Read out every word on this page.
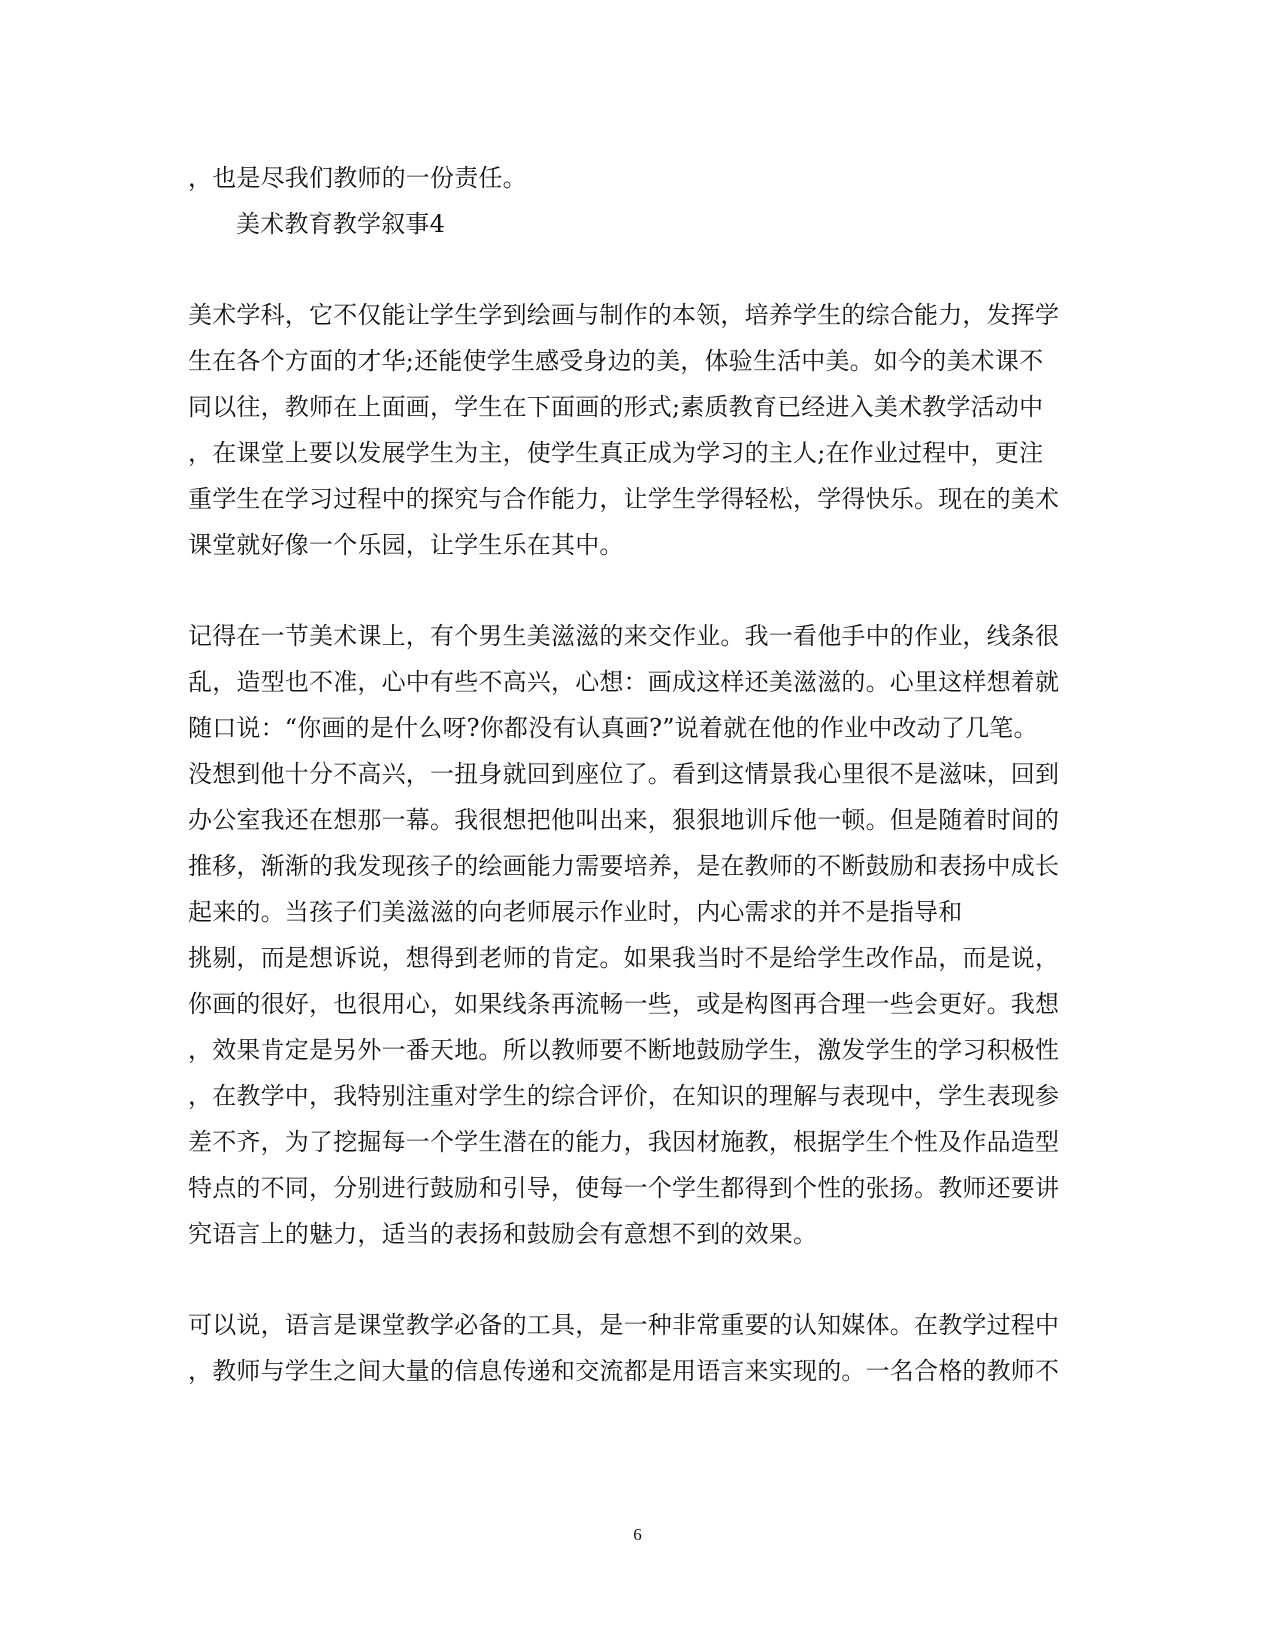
，也是尽我们教师的一份责任。
美术教育教学叙事4
美术学科，它不仅能让学生学到绘画与制作的本领，培养学生的综合能力，发挥学
生在各个方面的才华;还能使学生感受身边的美，体验生活中美。如今的美术课不
同以往，教师在上面画，学生在下面画的形式;素质教育已经进入美术教学活动中
，在课堂上要以发展学生为主，使学生真正成为学习的主人;在作业过程中，更注
重学生在学习过程中的探究与合作能力，让学生学得轻松，学得快乐。现在的美术
课堂就好像一个乐园，让学生乐在其中。
记得在一节美术课上，有个男生美滋滋的来交作业。我一看他手中的作业，线条很
乱，造型也不准，心中有些不高兴，心想：画成这样还美滋滋的。心里这样想着就
随口说：“你画的是什么呀?你都没有认真画?”说着就在他的作业中改动了几笔。
没想到他十分不高兴，一扭身就回到座位了。看到这情景我心里很不是滋味，回到
办公室我还在想那一幕。我很想把他叫出来，狠狠地训斥他一顿。但是随着时间的
推移，渐渐的我发现孩子的绘画能力需要培养，是在教师的不断鼓励和表扬中成长
起来的。当孩子们美滋滋的向老师展示作业时，内心需求的并不是指导和
挑剔，而是想诉说，想得到老师的肯定。如果我当时不是给学生改作品，而是说，
你画的很好，也很用心，如果线条再流畅一些，或是构图再合理一些会更好。我想
，效果肯定是另外一番天地。所以教师要不断地鼓励学生，激发学生的学习积极性
，在教学中，我特别注重对学生的综合评价，在知识的理解与表现中，学生表现参
差不齐，为了挖掘每一个学生潜在的能力，我因材施教，根据学生个性及作品造型
特点的不同，分别进行鼓励和引导，使每一个学生都得到个性的张扬。教师还要讲
究语言上的魅力，适当的表扬和鼓励会有意想不到的效果。
可以说，语言是课堂教学必备的工具，是一种非常重要的认知媒体。在教学过程中
，教师与学生之间大量的信息传递和交流都是用语言来实现的。一名合格的教师不
6
